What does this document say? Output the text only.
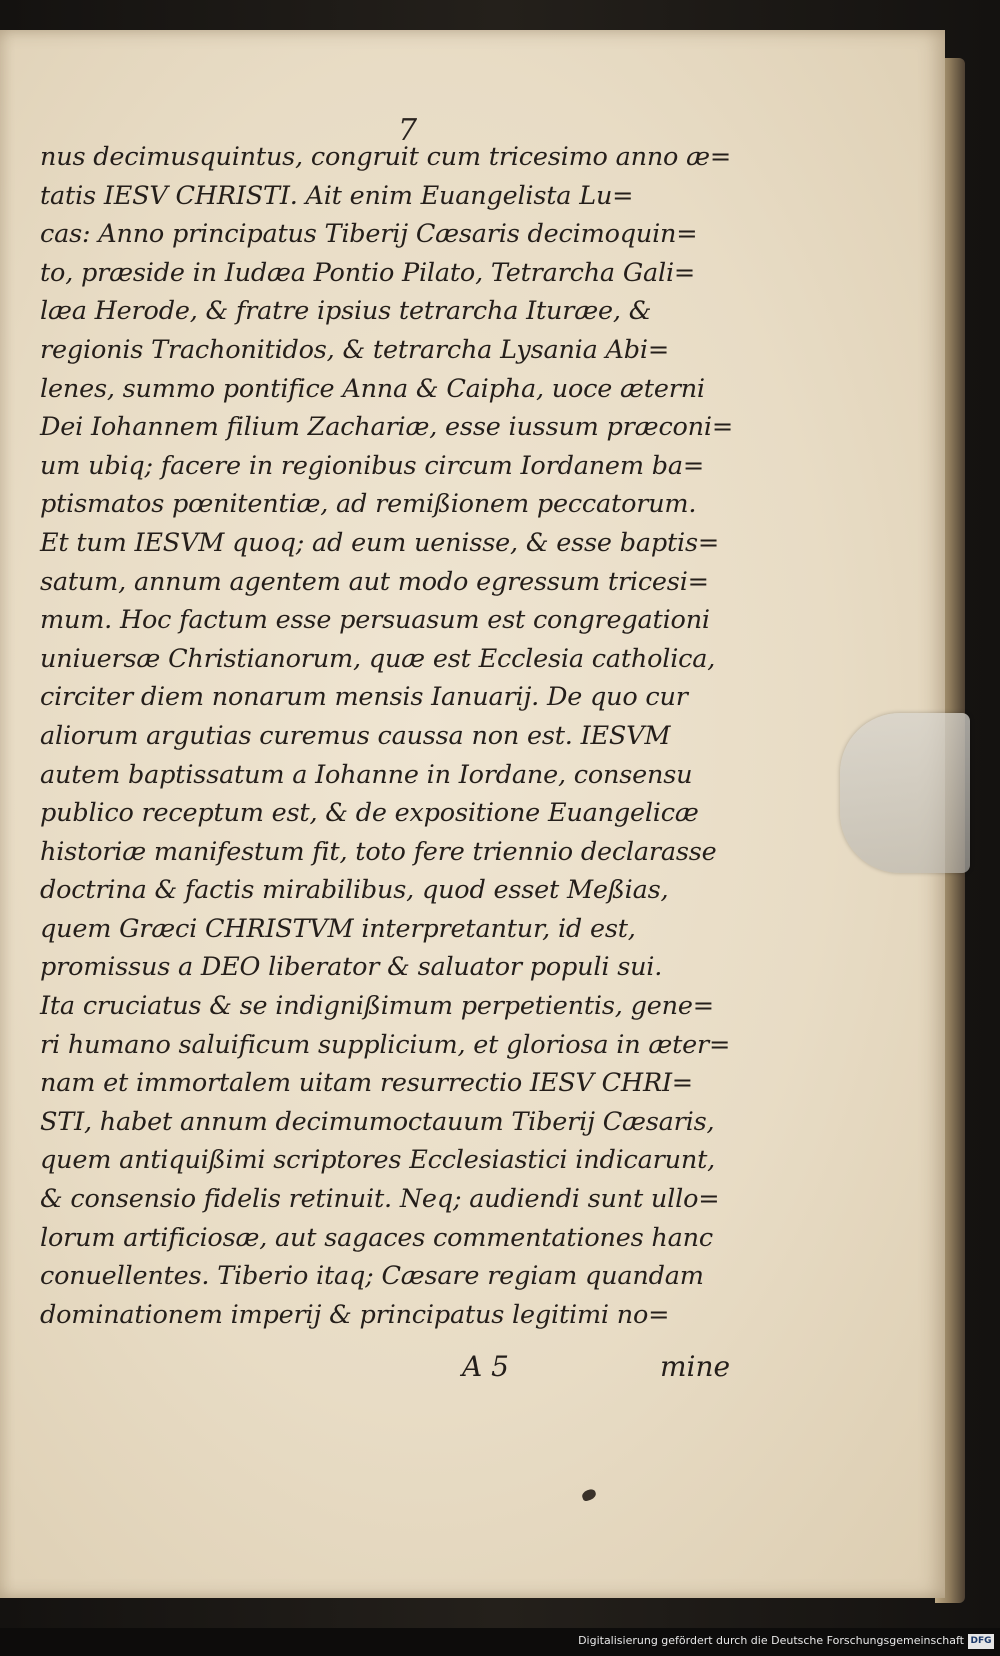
7
nus decimusquintus, congruit cum tricesimo anno æ=
tatis IESV CHRISTI. Ait enim Euangelista Lu=
cas: Anno principatus Tiberij Cæsaris decimoquin=
to, præside in Iudæa Pontio Pilato, Tetrarcha Gali=
læa Herode, & fratre ipsius tetrarcha Ituræe, &
regionis Trachonitidos, & tetrarcha Lysania Abi=
lenes, summo pontifice Anna & Caipha, uoce æterni
Dei Iohannem filium Zachariæ, esse iussum præconi=
um ubiq; facere in regionibus circum Iordanem ba=
ptismatos pœnitentiæ, ad remißionem peccatorum.
Et tum IESVM quoq; ad eum uenisse, & esse baptis=
satum, annum agentem aut modo egressum tricesi=
mum. Hoc factum esse persuasum est congregationi
uniuersæ Christianorum, quæ est Ecclesia catholica,
circiter diem nonarum mensis Ianuarij. De quo cur
aliorum argutias curemus caussa non est. IESVM
autem baptissatum a Iohanne in Iordane, consensu
publico receptum est, & de expositione Euangelicæ
historiæ manifestum fit, toto fere triennio declarasse
doctrina & factis mirabilibus, quod esset Meßias,
quem Græci CHRISTVM interpretantur, id est,
promissus a DEO liberator & saluator populi sui.
Ita cruciatus & se indignißimum perpetientis, gene=
ri humano saluificum supplicium, et gloriosa in æter=
nam et immortalem uitam resurrectio IESV CHRI=
STI, habet annum decimumoctauum Tiberij Cæsaris,
quem antiquißimi scriptores Ecclesiastici indicarunt,
& consensio fidelis retinuit. Neq; audiendi sunt ullo=
lorum artificiosæ, aut sagaces commentationes hanc
conuellentes. Tiberio itaq; Cæsare regiam quandam
dominationem imperij & principatus legitimi no=
A 5	mine
Digitalisierung gefördert durch die Deutsche Forschungsgemeinschaft DFG
